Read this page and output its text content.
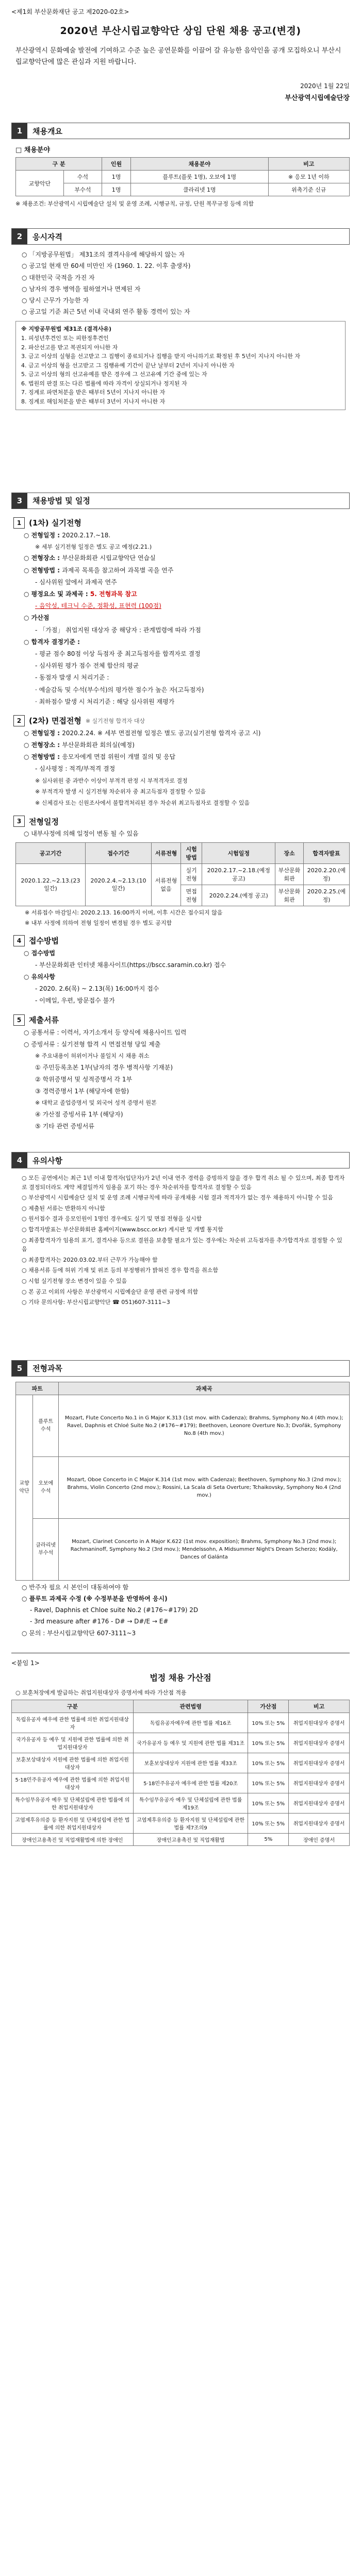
<제1회 부산문화재단 공고 제2020-02호>
2020년 부산시립교향악단 상임 단원 채용 공고(변경)
부산광역시 문화예술 발전에 기여하고 수준 높은 공연문화를 이끌어 갈 유능한 음악인을 공개 모집하오니 부산시립교향악단에 많은 관심과 지원 바랍니다.
2020년 1월 22일
부산광역시립예술단장
1	채용개요
□ 채용분야
구 분		인원	채용분야	비고
교향악단	수석	1명	플루트(플룻 1명), 오보에 1명	※ 응모 1년 이하
	부수석	1명	클라리넷 1명	위촉기준 신규
※ 채용조건: 부산광역시 시립예술단 설치 및 운영 조례, 시행규칙, 규정, 단원 복무규정 등에 의함
2	응시자격
○ 「지방공무원법」 제31조의 결격사유에 해당하지 않는 자
○ 공고일 현재 만 60세 미만인 자 (1960. 1. 22. 이후 출생자)
○ 대한민국 국적을 가진 자
○ 남자의 경우 병역을 필하였거나 면제된 자
○ 당시 근무가 가능한 자
○ 공고일 기준 최근 5년 이내 국내외 연주 활동 경력이 있는 자
※ 지방공무원법 제31조 (결격사유)
1. 피성년후견인 또는 피한정후견인
2. 파산선고를 받고 복권되지 아니한 자
3. 금고 이상의 실형을 선고받고 그 집행이 종료되거나 집행을 받지 아니하기로 확정된 후 5년이 지나지 아니한 자
4. 금고 이상의 형을 선고받고 그 집행유예 기간이 끝난 날부터 2년이 지나지 아니한 자
5. 금고 이상의 형의 선고유예를 받은 경우에 그 선고유예 기간 중에 있는 자
6. 법원의 판결 또는 다른 법률에 따라 자격이 상실되거나 정지된 자
7. 징계로 파면처분을 받은 때부터 5년이 지나지 아니한 자
8. 징계로 해임처분을 받은 때부터 3년이 지나지 아니한 자
3	채용방법 및 일정
1 (1차) 실기전형
○ 전형일정 : 2020.2.17.~18.
※ 세부 실기전형 일정은 별도 공고 예정(2.21.)
○ 전형장소 : 부산문화회관 시립교향악단 연습실
○ 전형방법 : 과제곡 목록을 참고하여 과목별 곡을 연주
- 심사위원 앞에서 과제곡 연주
○ 평정요소 및 과제곡 : 5. 전형과목 참고
- 음악성, 테크닉 수준, 정확성, 표현력 (100점)
○ 가산점
- 「가점」 취업지원 대상자 중 해당자 : 관계법령에 따라 가점
○ 합격자 결정기준 :
- 평균 점수 80점 이상 득점자 중 최고득점자를 합격자로 결정
- 심사위원 평가 점수 전체 합산의 평균
- 동점자 발생 시 처리기준 :
· 예술감독 및 수석(부수석)의 평가한 점수가 높은 자(고득점자)
· 최하점수 발생 시 처리기준 : 해당 심사위원 재평가
2 (2차) 면접전형 ※ 실기전형 합격자 대상
○ 전형일정 : 2020.2.24. ※ 세부 면접전형 일정은 별도 공고(실기전형 합격자 공고 시)
○ 전형장소 : 부산문화회관 회의실(예정)
○ 전형방법 : 응모자에게 면접 위원이 개별 질의 및 응답
- 심사평정 : 적격/부적격 결정
※ 심사위원 중 과반수 이상이 부적격 판정 시 부적격자로 결정
※ 부적격자 발생 시 실기전형 차순위자 중 최고득점자 결정할 수 있음
※ 신체검사 또는 신원조사에서 불합격처리된 경우 차순위 최고득점자로 결정할 수 있음
3 전형일정
○ 내부사정에 의해 일정이 변동 될 수 있음
공고기간	접수기간	서류전형	시험방법	시험일정	장소	합격자발표
2020.1.22.~2.13.(23일간)	2020.2.4.~2.13.(10일간)	서류전형 없음	실기전형	2020.2.17.~2.18.(예정 공고)	부산문화회관	2020.2.20.(예정)
			면접전형	2020.2.24.(예정 공고)	부산문화회관	2020.2.25.(예정)
※ 서류접수 마감일시: 2020.2.13. 16:00까지 이며, 이후 시간은 접수되지 않음
※ 내부 사정에 의하여 전형 일정이 변경될 경우 별도 공지함
4 접수방법
○ 접수방법
- 부산문화회관 인터넷 채용사이트(https://bscc.saramin.co.kr) 접수
○ 유의사항
- 2020. 2.6(목) ~ 2.13(목) 16:00까지 접수
- 이메일, 우편, 방문접수 불가
5 제출서류
○ 공통서류 : 이력서, 자기소개서 등 양식에 채용사이트 입력
○ 증빙서류 : 실기전형 합격 시 면접전형 당일 제출
※ 주요내용이 허위이거나 불일치 시 채용 취소
① 주민등록초본 1부(남자의 경우 병적사항 기재분)
② 학위증명서 및 성적증명서 각 1부
③ 경력증명서 1부 (해당자에 한함)
※ 대학교 졸업증명서 및 외국어 성적 증명서 원본
④ 가산점 증빙서류 1부 (해당자)
⑤ 기타 관련 증빙서류
4	유의사항
○ 모든 공연에서는 최근 1년 이내 합격자(입단자)가 2년 이내 연주 경력을 증빙하지 않을 경우 합격 취소 될 수 있으며, 최종 합격자로 결정되더라도 계약 체결일까지 임용을 포기 하는 경우 차순위자를 합격자로 결정할 수 있음
○ 부산광역시 시립예술단 설치 및 운영 조례 시행규칙에 따라 공개채용 시험 결과 적격자가 없는 경우 채용하지 아니할 수 있음
○ 제출된 서류는 반환하지 아니함
○ 원서접수 결과 응모인원이 1명인 경우에도 실기 및 면접 전형을 실시함
○ 합격자발표는 부산문화회관 홈페이지(www.bscc.or.kr) 게시판 및 개별 통지함
○ 최종합격자가 임용의 포기, 결격사유 등으로 결원을 보충할 필요가 있는 경우에는 차순위 고득점자를 추가합격자로 결정할 수 있음
○ 최종합격자는 2020.03.02.부터 근무가 가능해야 함
○ 채용서류 등에 허위 기재 및 위조 등의 부정행위가 밝혀진 경우 합격을 취소함
○ 시험 실기전형 장소 변경이 있을 수 있음
○ 본 공고 이외의 사항은 부산광역시 시립예술단 운영 관련 규정에 의함
○ 기타 문의사항: 부산시립교향악단 ☎ 051)607-3111~3
5	전형과목
파트		과제곡
교향악단	플루트 수석	Mozart, Flute Concerto No.1 in G Major K.313 (1st mov. with Cadenza); Brahms, Symphony No.4 (4th mov.); Ravel, Daphnis et Chloé Suite No.2 (#176~#179); Beethoven, Leonore Overture No.3; Dvořák, Symphony No.8 (4th mov.)
	오보에 수석	Mozart, Oboe Concerto in C Major K.314 (1st mov. with Cadenza); Beethoven, Symphony No.3 (2nd mov.); Brahms, Violin Concerto (2nd mov.); Rossini, La Scala di Seta Overture; Tchaikovsky, Symphony No.4 (2nd mov.)
	클라리넷 부수석	Mozart, Clarinet Concerto in A Major K.622 (1st mov. exposition); Brahms, Symphony No.3 (2nd mov.); Rachmaninoff, Symphony No.2 (3rd mov.); Mendelssohn, A Midsummer Night's Dream Scherzo; Kodály, Dances of Galánta
○ 반주자 필요 시 본인이 대동하여야 함
○ 플루트 과제곡 수정 (※ 수정부분을 반영하여 응시)
- Ravel, Daphnis et Chloe suite No.2 (#176~#179) 2D
- 3rd measure after #176 - D# → D#/E → E#
○ 문의 : 부산시립교향악단 607-3111~3
<붙임 1>
법정 채용 가산점
○ 보훈처장에게 발급하는 취업지원대상자 증명서에 따라 가산점 적용
구분	관련법령	가산점	비고
독립유공자 예우에 관한 법률에 의한 취업지원대상자	독립유공자예우에 관한 법률 제16조	10% 또는 5%	취업지원대상자 증명서
국가유공자 등 예우 및 지원에 관한 법률에 의한 취업지원대상자	국가유공자 등 예우 및 지원에 관한 법률 제31조	10% 또는 5%	취업지원대상자 증명서
보훈보상대상자 지원에 관한 법률에 의한 취업지원대상자	보훈보상대상자 지원에 관한 법률 제33조	10% 또는 5%	취업지원대상자 증명서
5·18민주유공자 예우에 관한 법률에 의한 취업지원대상자	5·18민주유공자 예우에 관한 법률 제20조	10% 또는 5%	취업지원대상자 증명서
특수임무유공자 예우 및 단체설립에 관한 법률에 의한 취업지원대상자	특수임무유공자 예우 및 단체설립에 관한 법률 제19조	10% 또는 5%	취업지원대상자 증명서
고엽제후유의증 등 환자지원 및 단체설립에 관한 법률에 의한 취업지원대상자	고엽제후유의증 등 환자지원 및 단체설립에 관한 법률 제7조의9	10% 또는 5%	취업지원대상자 증명서
장애인고용촉진 및 직업재활법에 의한 장애인	장애인고용촉진 및 직업재활법	5%	장애인 증명서
